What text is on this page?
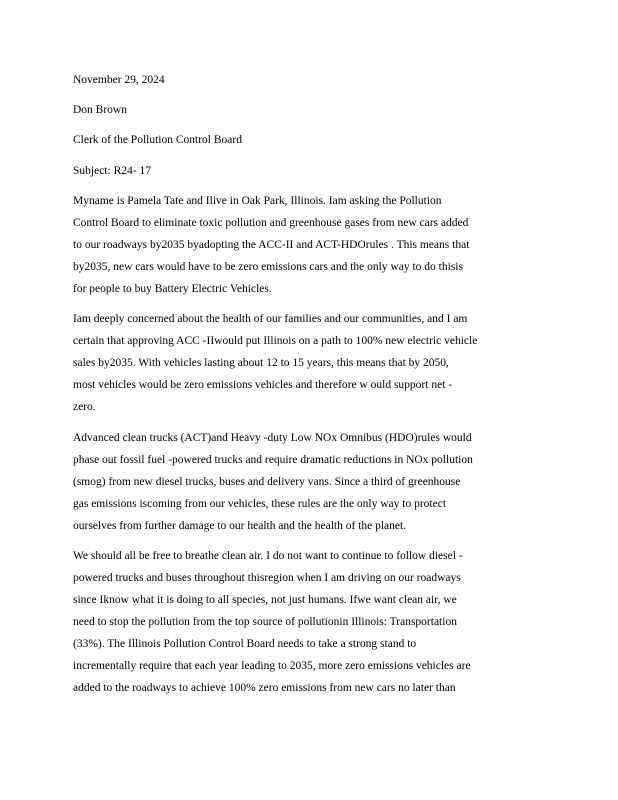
November 29, 2024
Don Brown
Clerk of the Pollution Control Board
Subject: R24- 17

Myname is Pamela Tate and Ilive in Oak Park, Illinois. Iam asking the Pollution
Control Board to eliminate toxic pollution and greenhouse gases from new cars added
to our roadways by2035 byadopting the ACC-II and ACT-HDOrules . This means that
by2035, new cars would have to be zero emissions cars and the only way to do thisis
for people to buy Battery Electric Vehicles.

Iam deeply concerned about the health of our families and our communities, and I am
certain that approving ACC -IIwould put Illinois on a path to 100% new electric vehicle
sales by2035. With vehicles lasting about 12 to 15 years, this means that by 2050,
most vehicles would be zero emissions vehicles and therefore w ould support net -
zero.

Advanced clean trucks (ACT)and Heavy -duty Low NOx Omnibus (HDO)rules would
phase out fossil fuel -powered trucks and require dramatic reductions in NOx pollution
(smog) from new diesel trucks, buses and delivery vans. Since a third of greenhouse
gas emissions iscoming from our vehicles, these rules are the only way to protect
ourselves from further damage to our health and the health of the planet.

We should all be free to breathe clean air. I do not want to continue to follow diesel -
powered trucks and buses throughout thisregion when I am driving on our roadways
since Iknow what it is doing to all species, not just humans. Ifwe want clean air, we
need to stop the pollution from the top source of pollutionin Illinois: Transportation
(33%). The Illinois Pollution Control Board needs to take a strong stand to
incrementally require that each year leading to 2035, more zero emissions vehicles are
added to the roadways to achieve 100% zero emissions from new cars no later than
